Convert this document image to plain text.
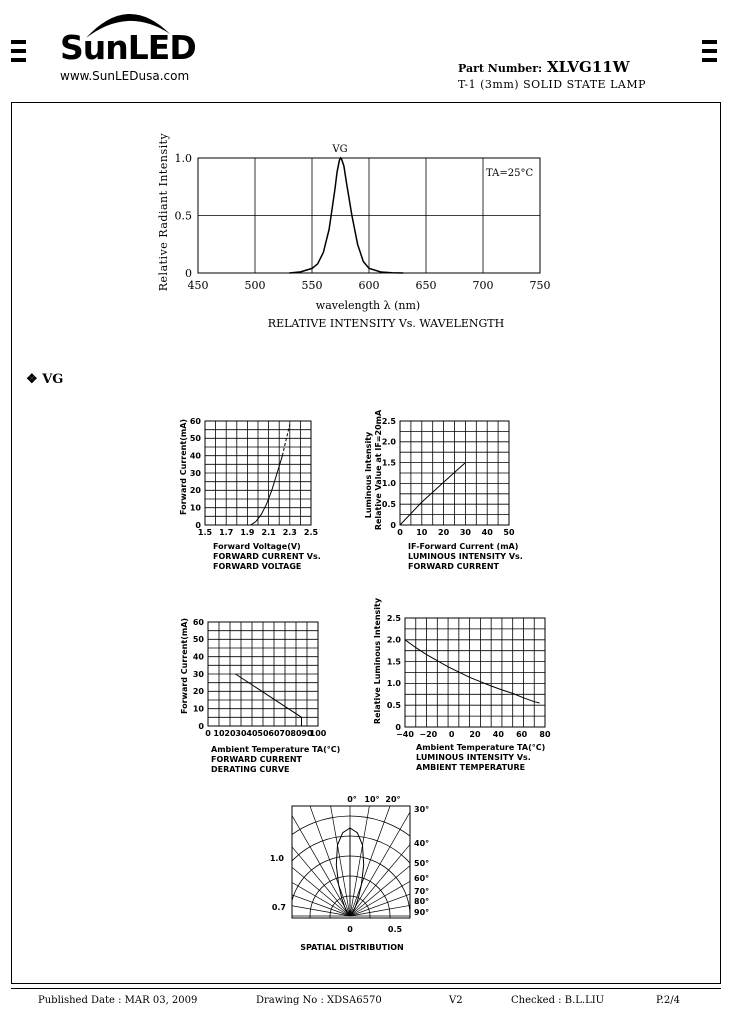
SunLED
www.SunLEDusa.com
Part Number: XLVG11W
T-1 (3mm) SOLID STATE LAMP
❖ VG
450	500	550	600	650	700	750
0
0.5
1.0
VG
TA=25°C
wavelength λ (nm)
Relative Radiant Intensity
RELATIVE INTENSITY Vs. WAVELENGTH
1.5 1.7 1.9 2.1 2.3 2.5
0
10
20
30
40
50
60
Forward Current(mA)
Forward Voltage(V)
FORWARD CURRENT Vs.
FORWARD VOLTAGE
0 10 20 30 40 50
0
0.5
1.0
1.5
2.0
2.5
Luminous Intensity Relative Value at IF=20mA
IF-Forward Current (mA)
LUMINOUS INTENSITY Vs.
FORWARD CURRENT
0 10 20 30 40 50 60 70 80 90
100
0
10
20
30
40
50
60
Forward Current(mA)
Ambient Temperature TA(°C)
FORWARD CURRENT
DERATING CURVE
−40 −20 0 20 40 60 80
0
0.5
1.0
1.5
2.0
2.5
Relative Luminous Intensity
Ambient Temperature TA(°C)
LUMINOUS INTENSITY Vs.
AMBIENT TEMPERATURE
0° 10° 20°
30°
40°
50°
60°
70°
80°
90°
1.0
0.7
0	0.5
SPATIAL DISTRIBUTION
Published Date : MAR 03, 2009	Drawing No : XDSA6570	V2	Checked : B.L.LIU	P.2/4
